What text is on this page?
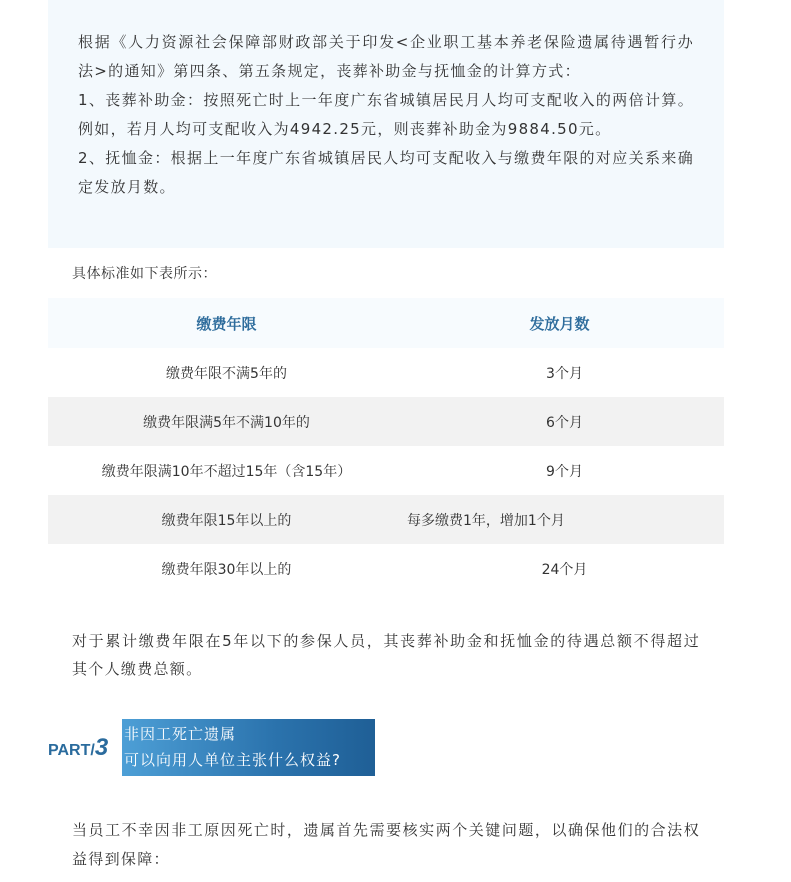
根据《人力资源社会保障部财政部关于印发<企业职工基本养老保险遗属待遇暂行办法>的通知》第四条、第五条规定，丧葬补助金与抚恤金的计算方式：

1、丧葬补助金：按照死亡时上一年度广东省城镇居民月人均可支配收入的两倍计算。例如，若月人均可支配收入为4942.25元，则丧葬补助金为9884.50元。

2、抚恤金：根据上一年度广东省城镇居民人均可支配收入与缴费年限的对应关系来确定发放月数。

具体标准如下表所示：

缴费年限	发放月数
缴费年限不满5年的	3个月
缴费年限满5年不满10年的	6个月
缴费年限满10年不超过15年（含15年）	9个月
缴费年限15年以上的	每多缴费1年，增加1个月
缴费年限30年以上的	24个月

对于累计缴费年限在5年以下的参保人员，其丧葬补助金和抚恤金的待遇总额不得超过其个人缴费总额。

PART/3 非因工死亡遗属
可以向用人单位主张什么权益?

当员工不幸因非工原因死亡时，遗属首先需要核实两个关键问题，以确保他们的合法权益得到保障：
